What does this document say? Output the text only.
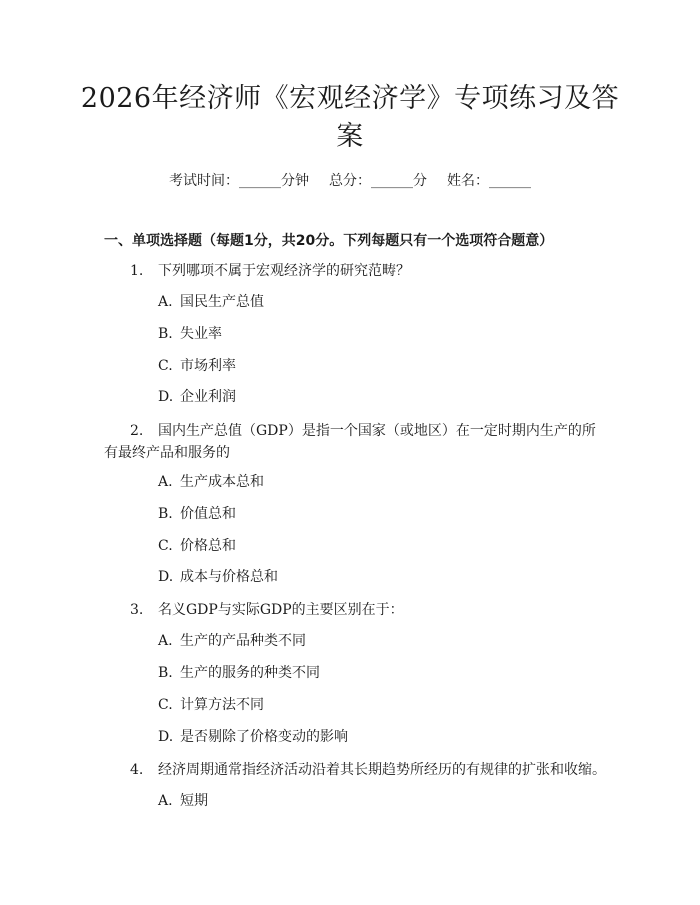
2026年经济师《宏观经济学》专项练习及答案
考试时间：______分钟 总分：______分 姓名：______
一、单项选择题（每题1分，共20分。下列每题只有一个选项符合题意）
1. 下列哪项不属于宏观经济学的研究范畴？
A. 国民生产总值
B. 失业率
C. 市场利率
D. 企业利润
2. 国内生产总值（GDP）是指一个国家（或地区）在一定时期内生产的所有最终产品和服务的
A. 生产成本总和
B. 价值总和
C. 价格总和
D. 成本与价格总和
3. 名义GDP与实际GDP的主要区别在于：
A. 生产的产品种类不同
B. 生产的服务的种类不同
C. 计算方法不同
D. 是否剔除了价格变动的影响
4. 经济周期通常指经济活动沿着其长期趋势所经历的有规律的扩张和收缩。
A. 短期
